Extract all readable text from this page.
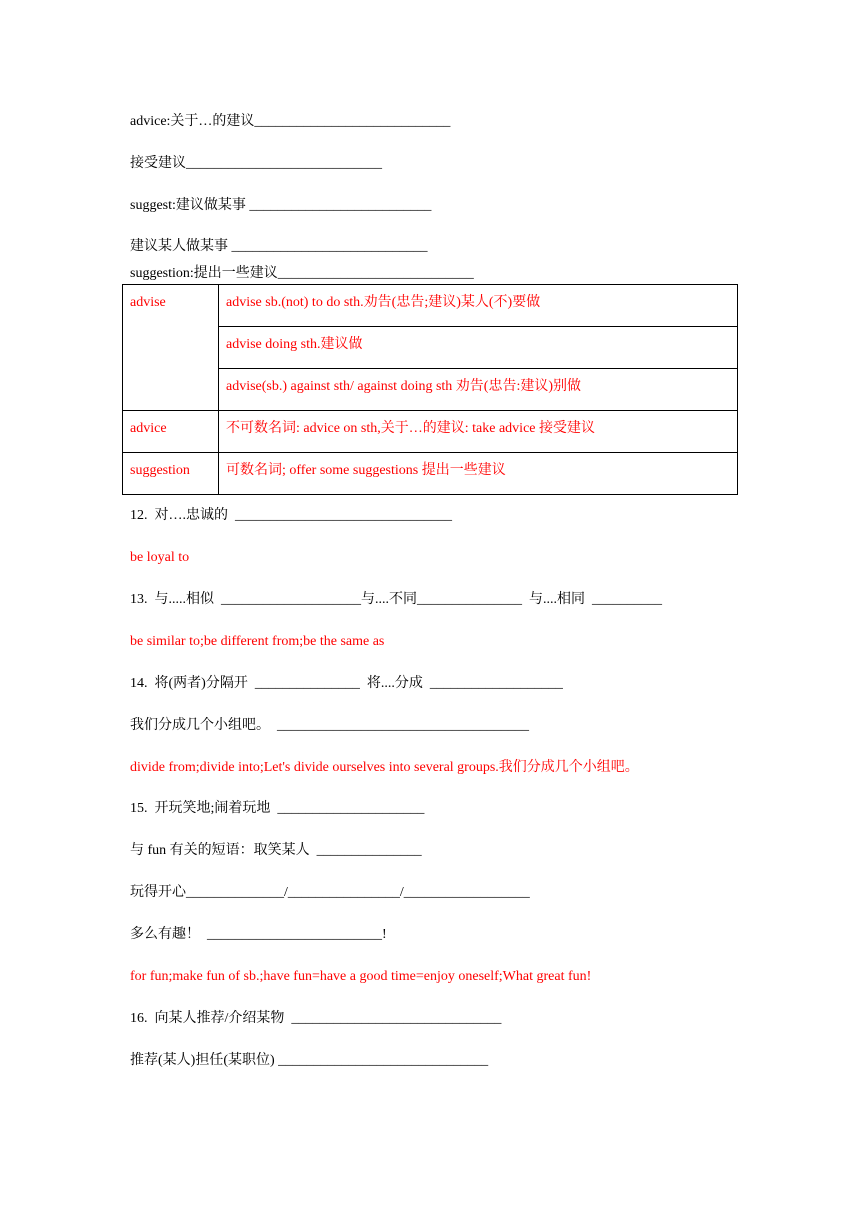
advice:关于…的建议____________________________
接受建议____________________________
suggest:建议做某事 __________________________
建议某人做某事 ____________________________
suggestion:提出一些建议____________________________
advise	advise sb.(not) to do sth.劝告(忠告;建议)某人(不)要做
	advise doing sth.建议做
	advise(sb.) against sth/ against doing sth 劝告(忠告:建议)别做
advice	不可数名词: advice on sth,关于…的建议: take advice 接受建议
suggestion	可数名词; offer some suggestions 提出一些建议
12.  对….忠诚的  _______________________________
be loyal to
13.  与.....相似  ____________________与....不同_______________  与....相同  __________
be similar to;be different from;be the same as
14.  将(两者)分隔开  _______________  将....分成  ___________________
我们分成几个小组吧。  ____________________________________
divide from;divide into;Let's divide ourselves into several groups.我们分成几个小组吧。
15.  开玩笑地;闹着玩地  _____________________
与 fun 有关的短语：取笑某人  _______________
玩得开心______________/________________/__________________
多么有趣！  _________________________!
for fun;make fun of sb.;have fun=have a good time=enjoy oneself;What great fun!
16.  向某人推荐/介绍某物  ______________________________
推荐(某人)担任(某职位) ______________________________
